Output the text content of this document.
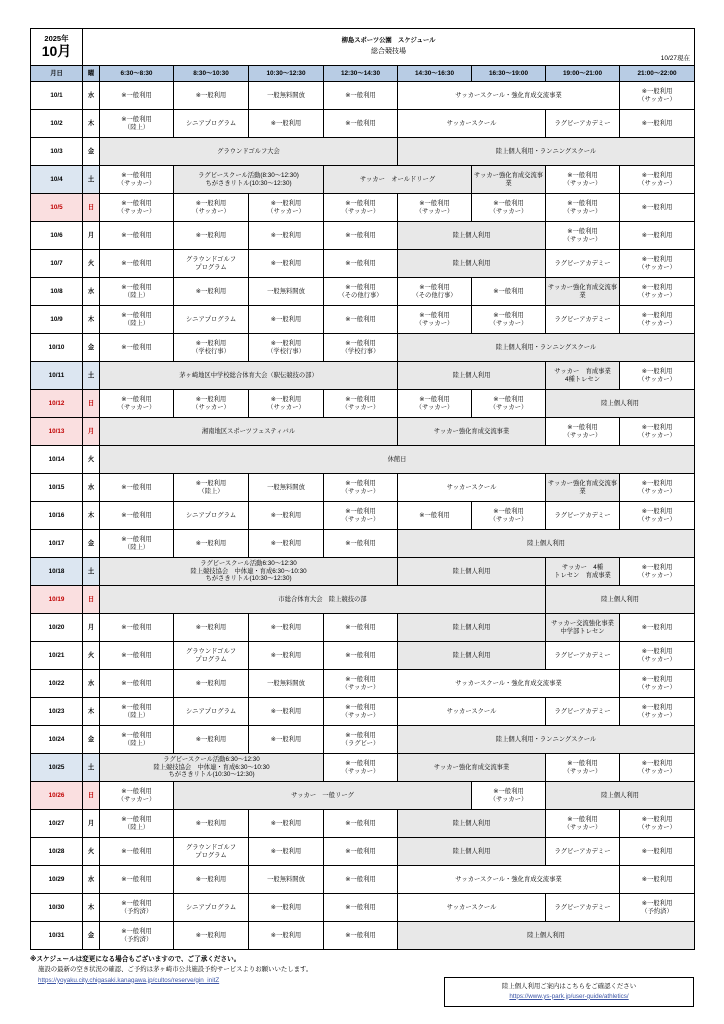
2025年
10月
	柳島スポーツ公園　スケジュール
総合競技場
10/27現在

月日	曜	6:30～8:30	8:30～10:30	10:30～12:30	12:30～14:30	14:30～16:30	16:30～19:00	19:00～21:00	21:00～22:00
10/1	水	※一般利用	※一般利用	一般無料開放	※一般利用	サッカースクール・強化育成交流事業			※一般利用
（サッカー）
10/2	木	※一般利用
（陸上）	シニアプログラム	※一般利用	※一般利用	サッカースクール		ラグビーアカデミー	※一般利用
10/3	金	グラウンドゴルフ大会				陸上個人利用・ランニングスクール			
10/4	土	※一般利用
（サッカー）	ラグビースクール活動(8:30～12:30)
ちがさきリトル(10:30～12:30)		サッカー　オールドリーグ		サッカー強化育成交流事業	※一般利用
（サッカー）	※一般利用
（サッカー）
10/5	日	※一般利用
（サッカー）	※一般利用
（サッカー）	※一般利用
（サッカー）	※一般利用
（サッカー）	※一般利用
（サッカー）	※一般利用
（サッカー）	※一般利用
（サッカー）	※一般利用
10/6	月	※一般利用	※一般利用	※一般利用	※一般利用	陸上個人利用		※一般利用
（サッカー）	※一般利用
10/7	火	※一般利用	グラウンドゴルフ
プログラム	※一般利用	※一般利用	陸上個人利用		ラグビーアカデミー	※一般利用
（サッカー）
10/8	水	※一般利用
（陸上）	※一般利用	一般無料開放	※一般利用
（その他行事）	※一般利用
（その他行事）	※一般利用	サッカー強化育成交流事業	※一般利用
（サッカー）
10/9	木	※一般利用
（陸上）	シニアプログラム	※一般利用	※一般利用	※一般利用
（サッカー）	※一般利用
（サッカー）	ラグビーアカデミー	※一般利用
（サッカー）
10/10	金	※一般利用	※一般利用
（学校行事）	※一般利用
（学校行事）	※一般利用
（学校行事）	陸上個人利用・ランニングスクール			
10/11	土	茅ヶ崎地区中学校総合体育大会（駅伝競技の部）				陸上個人利用		サッカー　育成事業
4種トレセン	※一般利用
（サッカー）
10/12	日	※一般利用
（サッカー）	※一般利用
（サッカー）	※一般利用
（サッカー）	※一般利用
（サッカー）	※一般利用
（サッカー）	※一般利用
（サッカー）	陸上個人利用	
10/13	月	湘南地区スポーツフェスティバル				サッカー強化育成交流事業		※一般利用
（サッカー）	※一般利用
（サッカー）
10/14	火	休館日							
10/15	水	※一般利用	※一般利用
（陸上）	一般無料開放	※一般利用
（サッカー）	サッカースクール		サッカー強化育成交流事業	※一般利用
（サッカー）
10/16	木	※一般利用	シニアプログラム	※一般利用	※一般利用
（サッカー）	※一般利用	※一般利用
（サッカー）	ラグビーアカデミー	※一般利用
（サッカー）
10/17	金	※一般利用
（陸上）	※一般利用	※一般利用	※一般利用	陸上個人利用			
10/18	土	ラグビースクール活動6:30～12:30
陸上競技協会　中体連・育成6:30～10:30
ちがさきリトル(10:30～12:30)				陸上個人利用		サッカー　4種
トレセン　育成事業	※一般利用
（サッカー）
10/19	日	市総合体育大会　陸上競技の部						陸上個人利用	
10/20	月	※一般利用	※一般利用	※一般利用	※一般利用	陸上個人利用		サッカー交流強化事業
中学部トレセン	※一般利用
10/21	火	※一般利用	グラウンドゴルフ
プログラム	※一般利用	※一般利用	陸上個人利用		ラグビーアカデミー	※一般利用
（サッカー）
10/22	水	※一般利用	※一般利用	一般無料開放	※一般利用
（サッカー）	サッカースクール・強化育成交流事業			※一般利用
（サッカー）
10/23	木	※一般利用
（陸上）	シニアプログラム	※一般利用	※一般利用
（サッカー）	サッカースクール		ラグビーアカデミー	※一般利用
（サッカー）
10/24	金	※一般利用
（陸上）	※一般利用	※一般利用	※一般利用
（ラグビー）	陸上個人利用・ランニングスクール			
10/25	土	ラグビースクール活動6:30～12:30
陸上競技協会　中体連・育成6:30～10:30
ちがさきリトル(10:30～12:30)			※一般利用
（サッカー）	サッカー強化育成交流事業		※一般利用
（サッカー）	※一般利用
（サッカー）
10/26	日	※一般利用
（サッカー）	サッカー　一般リーグ				※一般利用
（サッカー）	陸上個人利用	
10/27	月	※一般利用
（陸上）	※一般利用	※一般利用	※一般利用	陸上個人利用		※一般利用
（サッカー）	※一般利用
（サッカー）
10/28	火	※一般利用	グラウンドゴルフ
プログラム	※一般利用	※一般利用	陸上個人利用		ラグビーアカデミー	※一般利用
10/29	水	※一般利用	※一般利用	一般無料開放	※一般利用	サッカースクール・強化育成交流事業			※一般利用
10/30	木	※一般利用
（予約済）	シニアプログラム	※一般利用	※一般利用	サッカースクール		ラグビーアカデミー	※一般利用
（予約済）
10/31	金	※一般利用
（予約済）	※一般利用	※一般利用	※一般利用	陸上個人利用			
※スケジュールは変更になる場合もございますので、ご了承ください。
施設の最新の空き状況の確認、ご予約は茅ヶ崎市公共施設予約サービスよりお願いいたします。
https://yoyaku.city.chigasaki.kanagawa.jp/cultos/reserve/gin_initZ
陸上個人利用ご案内はこちらをご確認ください
https://www.ys-park.jp/user-guide/athletics/
